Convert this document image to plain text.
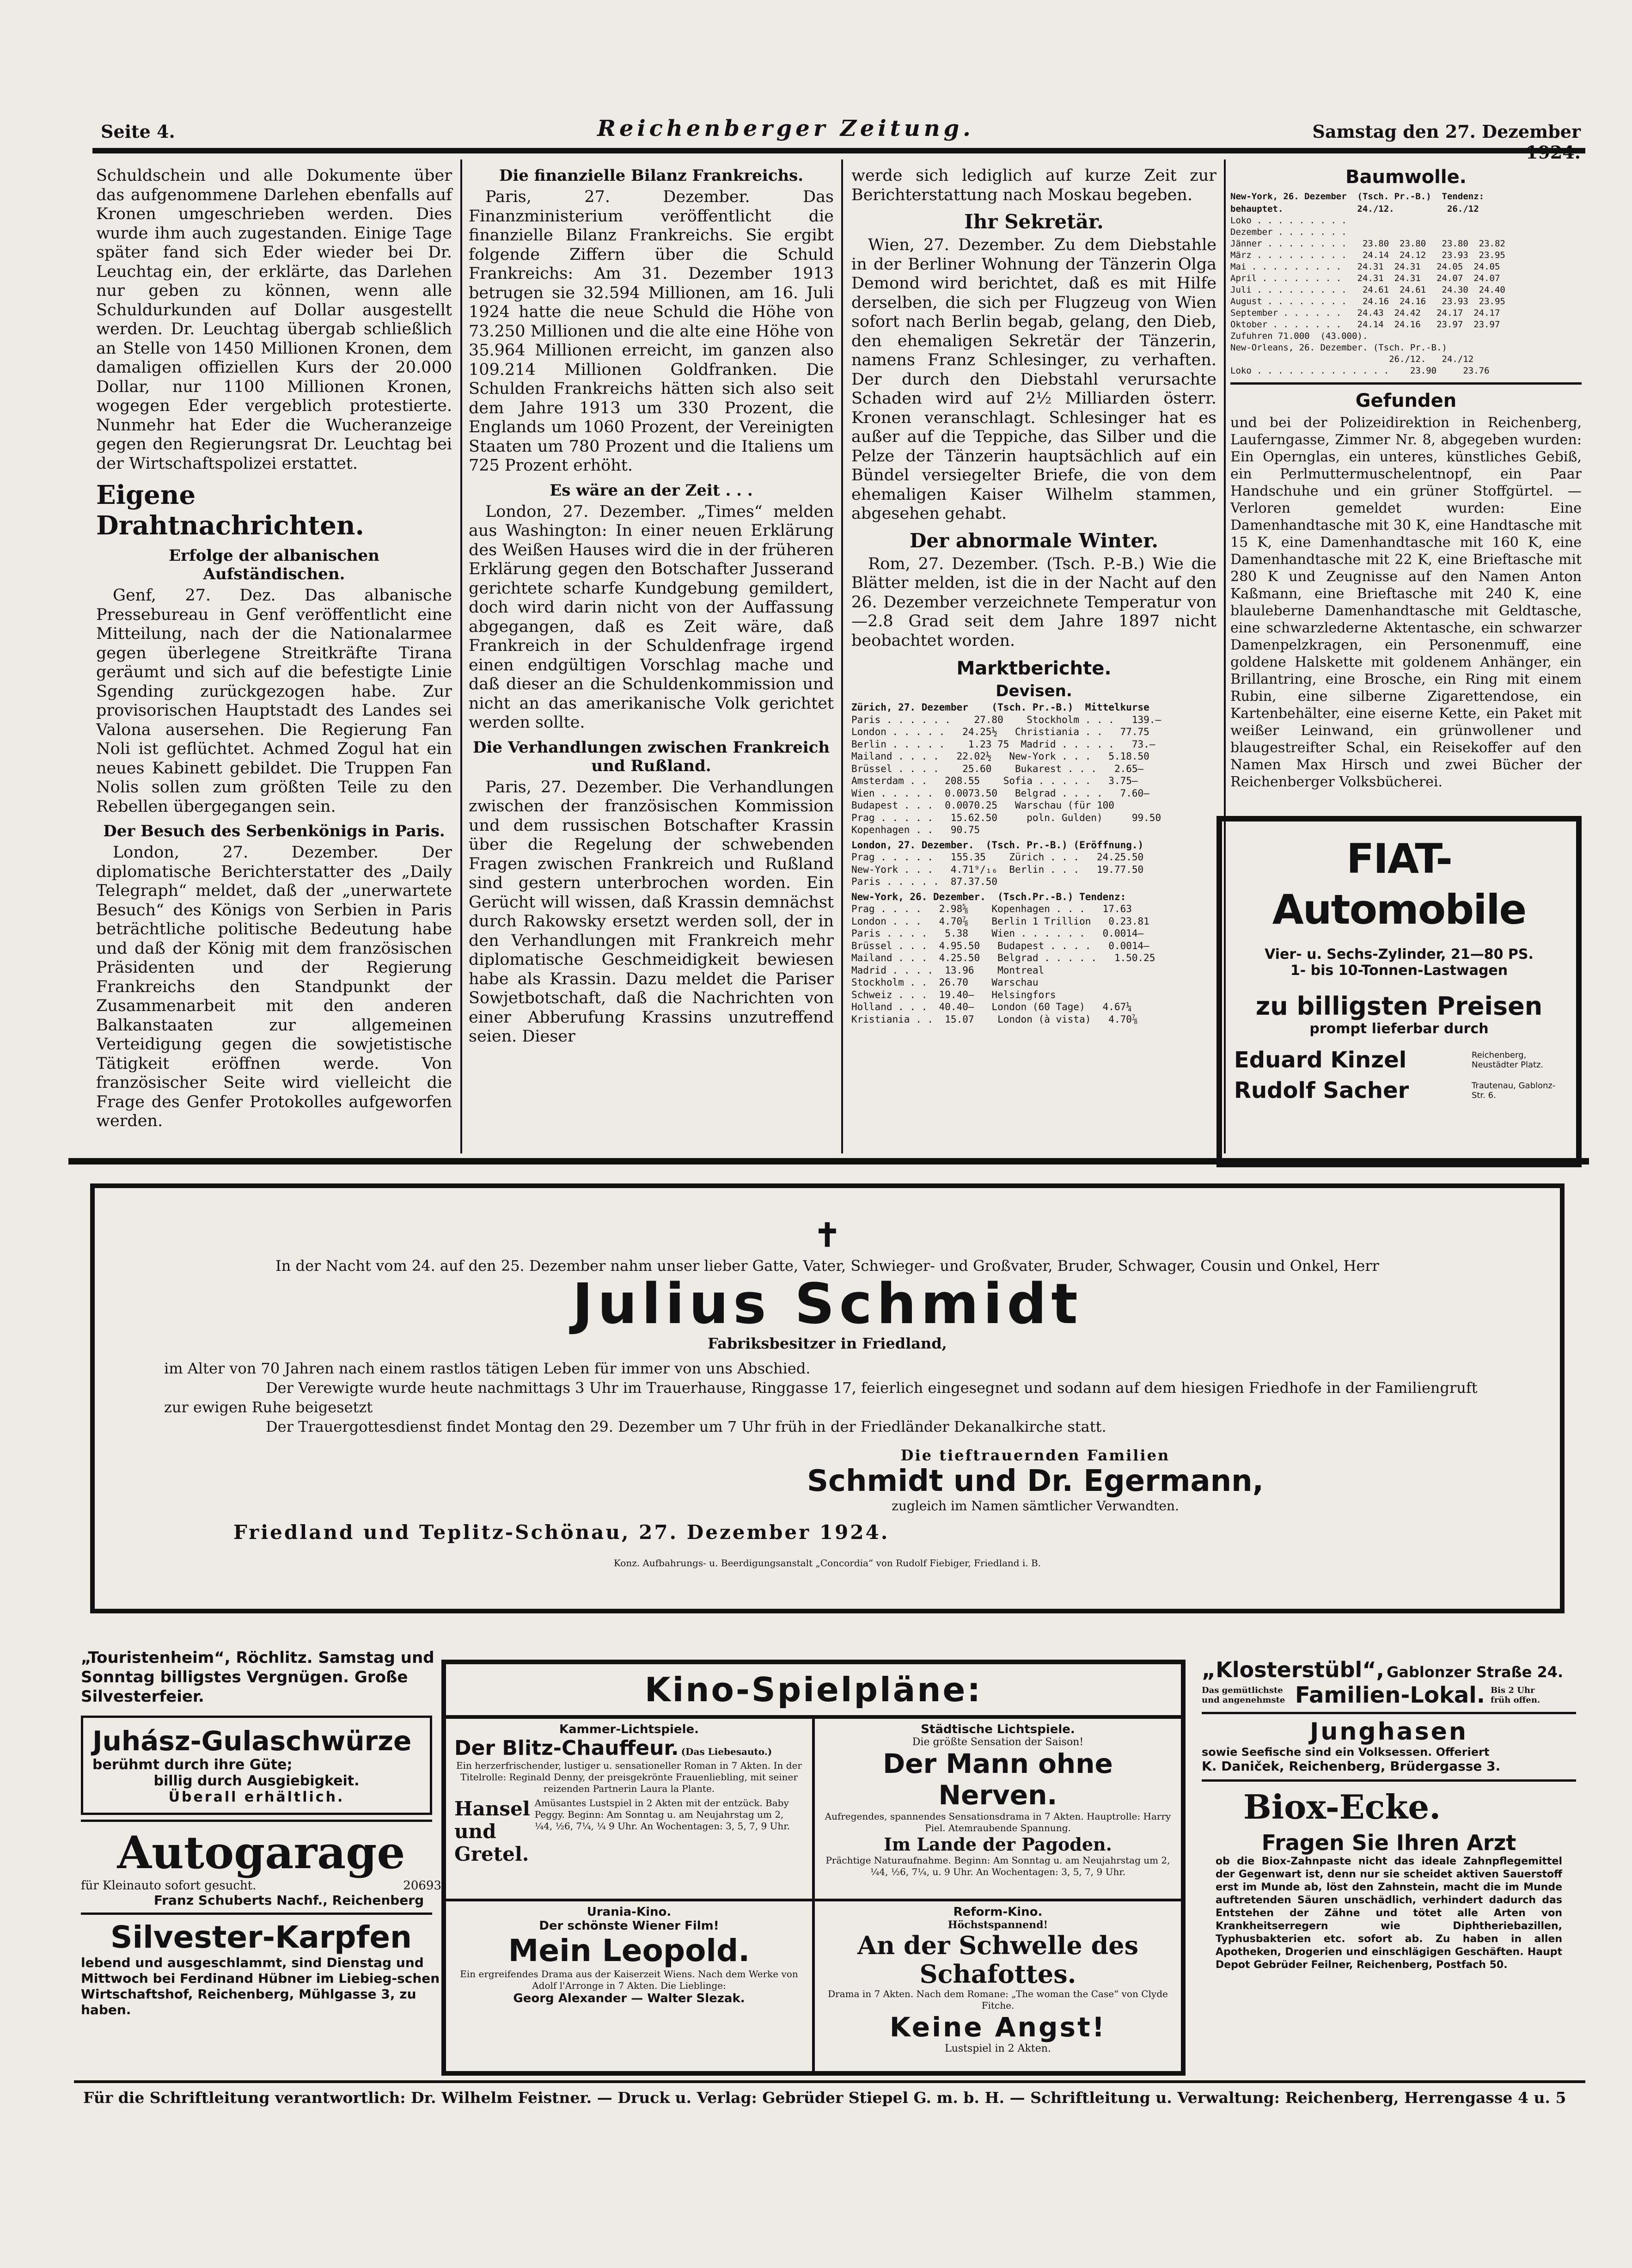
Seite 4.	Reichenberger Zeitung.	Samstag den 27. Dezember
Schuldschein und alle Dokumente über das aufgenommene Darlehen ebenfalls auf Kronen umgeschrieben werden. Dies wurde ihm auch zugestanden. Einige Tage später fand sich Eder wieder bei Dr. Leuchtag ein, der erklärte, das Darlehen nur geben zu können, wenn alle Schuldurkunden auf Dollar ausgestellt werden. Dr. Leuchtag übergab schließlich an Stelle von 1450 Millionen Kronen, dem damaligen offiziellen Kurs der 20.000 Dollar, nur 1100 Millionen Kronen, wogegen Eder vergeblich protestierte. Nunmehr hat Eder die Wucheranzeige gegen den Regierungsrat Dr. Leuchtag bei der Wirtschaftspolizei erstattet.
Eigene Drahtnachrichten.
Erfolge der albanischen Aufständischen.

Genf, 27. Dez. Das albanische Pressebureau in Genf veröffentlicht eine Mitteilung, nach der die Nationalarmee gegen überlegene Streitkräfte Tirana geräumt und sich auf die befestigte Linie Sgending zurückgezogen habe. Zur provisorischen Hauptstadt des Landes sei Valona ausersehen. Die Regierung Fan Noli ist geflüchtet. Achmed Zogul hat ein neues Kabinett gebildet. Die Truppen Fan Nolis sollen zum größten Teile zu den Rebellen übergegangen sein.

Der Besuch des Serbenkönigs in Paris.

London, 27. Dezember. Der diplomatische Berichterstatter des „Daily Telegraph“ meldet, daß der „unerwartete Besuch“ des Königs von Serbien in Paris beträchtliche politische Bedeutung habe und daß der König mit dem französischen Präsidenten und der Regierung Frankreichs den Standpunkt der Zusammenarbeit mit den anderen Balkanstaaten zur allgemeinen Verteidigung gegen die sowjetistische Tätigkeit eröffnen werde. Von französischer Seite wird vielleicht die Frage des Genfer Protokolles aufgeworfen werden.

Die finanzielle Bilanz Frankreichs.

Paris, 27. Dezember. Das Finanzministerium veröffentlicht die finanzielle Bilanz Frankreichs. Sie ergibt folgende Ziffern über die Schuld Frankreichs: Am 31. Dezember 1913 betrugen sie 32.594 Millionen, am 16. Juli 1924 hatte die neue Schuld die Höhe von 73.250 Millionen und die alte eine Höhe von 35.964 Millionen erreicht, im ganzen also 109.214 Millionen Goldfranken. Die Schulden Frankreichs hätten sich also seit dem Jahre 1913 um 330 Prozent, die Englands um 1060 Prozent, der Vereinigten Staaten um 780 Prozent und die Italiens um 725 Prozent erhöht.

Es wäre an der Zeit . . .

London, 27. Dezember. „Times“ melden aus Washington: In einer neuen Erklärung des Weißen Hauses wird die in der früheren Erklärung gegen den Botschafter Jusserand gerichtete scharfe Kundgebung gemildert, doch wird darin nicht von der Auffassung abgegangen, daß es Zeit wäre, daß Frankreich in der Schuldenfrage irgend einen endgültigen Vorschlag mache und daß dieser an die Schuldenkommission und nicht an das amerikanische Volk gerichtet werden sollte.

Die Verhandlungen zwischen Frankreich und Rußland.

Paris, 27. Dezember. Die Verhandlungen zwischen der französischen Kommission und dem russischen Botschafter Krassin über die Regelung der schwebenden Fragen zwischen Frankreich und Rußland sind gestern unterbrochen worden. Ein Gerücht will wissen, daß Krassin demnächst durch Rakowsky ersetzt werden soll, der in den Verhandlungen mit Frankreich mehr diplomatische Geschmeidigkeit bewiesen habe als Krassin. Dazu meldet die Pariser Sowjetbotschaft, daß die Nachrichten von einer Abberufung Krassins unzutreffend seien. Dieser

werde sich lediglich auf kurze Zeit zur Berichterstattung nach Moskau begeben.
Ihr Sekretär.

Wien, 27. Dezember. Zu dem Diebstahle in der Berliner Wohnung der Tänzerin Olga Demond wird berichtet, daß es mit Hilfe derselben, die sich per Flugzeug von Wien sofort nach Berlin begab, gelang, den Dieb, den ehemaligen Sekretär der Tänzerin, namens Franz Schlesinger, zu verhaften. Der durch den Diebstahl verursachte Schaden wird auf 2½ Milliarden österr. Kronen veranschlagt. Schlesinger hat es außer auf die Teppiche, das Silber und die Pelze der Tänzerin hauptsächlich auf ein Bündel versiegelter Briefe, die von dem ehemaligen Kaiser Wilhelm stammen, abgesehen gehabt.

Der abnormale Winter.

Rom, 27. Dezember. (Tsch. P.-B.) Wie die Blätter melden, ist die in der Nacht auf den 26. Dezember verzeichnete Temperatur von —2.8 Grad seit dem Jahre 1897 nicht beobachtet worden.

Marktberichte.
Devisen.
Zürich, 27. Dezember    (Tsch. Pr.-B.)  Mittelkurse
Paris . . . . . .    27.80    Stockholm . . .   139.—
London . . . . .   24.25½   Christiania . .   77.75
Berlin . . . . .    1.23 75  Madrid . . . . .   73.—
Mailand . . . .   22.02½   New-York . . .   5.18.50
Brüssel . . . .    25.60    Bukarest . . .   2.65—
Amsterdam . .   208.55    Sofia . . . . .   3.75—
Wien . . . . .  0.0073.50   Belgrad . . . .   7.60—
Budapest . . .  0.0070.25   Warschau (für 100
Prag . . . . .   15.62.50     poln. Gulden)     99.50
Kopenhagen . .   90.75
London, 27. Dezember.  (Tsch. Pr.-B.) (Eröffnung.)
Prag . . . . .   155.35    Zürich . . .   24.25.50
New-York . . .   4.71⁹/₁₆  Berlin . . .   19.77.50
Paris . . . . .  87.37.50
New-York, 26. Dezember.  (Tsch.Pr.-B.) Tendenz:
Prag . . . .   2.98⅝    Kopenhagen . . .   17.63
London . . .   4.70⅞    Berlin 1 Trillion   0.23.81
Paris . . . .   5.38    Wien . . . . . .   0.0014—
Brüssel . . .  4.95.50   Budapest . . . .   0.0014—
Mailand . . .  4.25.50   Belgrad . . . . .   1.50.25
Madrid . . . .  13.96    Montreal
Stockholm . .  26.70    Warschau
Schweiz . . .  19.40—   Helsingfors
Holland . . .  40.40—   London (60 Tage)   4.67¼
Kristiania . .  15.07    London (à vista)   4.70⅞
Baumwolle.
New-York, 26. Dezember  (Tsch. Pr.-B.)  Tendenz:
behauptet.              24./12.          26./12
Loko . . . . . . . . .
Dezember . . . . . . .
Jänner . . . . . . . .   23.80  23.80   23.80  23.82
März . . . . . . . . .   24.14  24.12   23.93  23.95
Mai . . . . . . . . .   24.31  24.31   24.05  24.05
April . . . . . . . .   24.31  24.31   24.07  24.07
Juli . . . . . . . . .   24.61  24.61   24.30  24.40
August . . . . . . . .   24.16  24.16   23.93  23.95
September . . . . . .   24.43  24.42   24.17  24.17
Oktober . . . . . . .   24.14  24.16   23.97  23.97
Zufuhren 71.000  (43.000).
New-Orleans, 26. Dezember. (Tsch. Pr.-B.)
26./12.   24./12
Loko . . . . . . . . . . . . .    23.90     23.76
Gefunden
und bei der Polizeidirektion in Reichenberg, Lauferngasse, Zimmer Nr. 8, abgegeben wurden: Ein Opernglas, ein unteres, künstliches Gebiß, ein Perlmuttermuschelentnopf, ein Paar Handschuhe und ein grüner Stoffgürtel. — Verloren gemeldet wurden: Eine Damenhandtasche mit 30 K, eine Handtasche mit 15 K, eine Damenhandtasche mit 160 K, eine Damenhandtasche mit 22 K, eine Brieftasche mit 280 K und Zeugnisse auf den Namen Anton Kaßmann, eine Brieftasche mit 240 K, eine blauleberne Damenhandtasche mit Geldtasche, eine schwarzlederne Aktentasche, ein schwarzer Damenpelzkragen, ein Personenmuff, eine goldene Halskette mit goldenem Anhänger, ein Brillantring, eine Brosche, ein Ring mit einem Rubin, eine silberne Zigarettendose, ein Kartenbehälter, eine eiserne Kette, ein Paket mit weißer Leinwand, ein grünwollener und blaugestreifter Schal, ein Reisekoffer auf den Namen Max Hirsch und zwei Bücher der Reichenberger Volksbücherei.
FIAT-Automobile
Vier- u. Sechs-Zylinder, 21—80 PS.
1- bis 10-Tonnen-Lastwagen
zu billigsten Preisen
prompt lieferbar durch
Eduard Kinzel	Reichenberg, Neustädter Platz.
Rudolf Sacher	Trautenau, Gablonz-Str. 6.
✝
In der Nacht vom 24. auf den 25. Dezember nahm unser lieber Gatte, Vater, Schwieger- und Großvater, Bruder, Schwager, Cousin und Onkel, Herr
Julius Schmidt
Fabriksbesitzer in Friedland,
im Alter von 70 Jahren nach einem rastlos tätigen Leben für immer von uns Abschied.
Der Verewigte wurde heute nachmittags 3 Uhr im Trauerhause, Ringgasse 17, feierlich eingesegnet und sodann auf dem hiesigen Friedhofe in der Familiengruft zur ewigen Ruhe beigesetzt
Der Trauergottesdienst findet Montag den 29. Dezember um 7 Uhr früh in der Friedländer Dekanalkirche statt.
Die tieftrauernden Familien
Schmidt und Dr. Egermann,
zugleich im Namen sämtlicher Verwandten.
Friedland und Teplitz-Schönau, 27. Dezember 1924.
Konz. Aufbahrungs- u. Beerdigungsanstalt „Concordia“ von Rudolf Fiebiger, Friedland i. B.
„Touristenheim“, Röchlitz. Samstag und Sonntag billigstes Vergnügen. Große Silvesterfeier.
Juhász-Gulaschwürze
berühmt durch ihre Güte;
billig durch Ausgiebigkeit.
Überall erhältlich.
Autogarage
für Kleinauto sofort gesucht.	20693
Franz Schuberts Nachf., Reichenberg
Silvester-Karpfen
lebend und ausgeschlammt, sind Dienstag und Mittwoch bei Ferdinand Hübner im Liebieg-schen Wirtschaftshof, Reichenberg, Mühlgasse 3, zu haben.
Kino-Spielpläne:
Kammer-Lichtspiele.
Der Blitz-Chauffeur. (Das Liebesauto.)
Ein herzerfrischender, lustiger u. sensationeller Roman in 7 Akten. In der Titelrolle: Reginald Denny, der preisgekrönte Frauenliebling, mit seiner reizenden Partnerin Laura la Plante.
Hansel und Gretel.
Amüsantes Lustspiel in 2 Akten mit der entzück. Baby Peggy. Beginn: Am Sonntag u. am Neujahrstag um 2, ¼4, ½6, 7¼, ¼ 9 Uhr. An Wochentagen: 3, 5, 7, 9 Uhr.
Urania-Kino.
Der schönste Wiener Film!
Mein Leopold.
Ein ergreifendes Drama aus der Kaiserzeit Wiens. Nach dem Werke von Adolf l'Arronge in 7 Akten. Die Lieblinge:
Georg Alexander — Walter Slezak.
Städtische Lichtspiele.
Die größte Sensation der Saison!
Der Mann ohne Nerven.
Aufregendes, spannendes Sensationsdrama in 7 Akten. Hauptrolle: Harry Piel. Atemraubende Spannung.
Im Lande der Pagoden.
Prächtige Naturaufnahme. Beginn: Am Sonntag u. am Neujahrstag um 2, ¼4, ½6, 7¼, u. 9 Uhr. An Wochentagen: 3, 5, 7, 9 Uhr.
Reform-Kino.
Höchstspannend!
An der Schwelle des Schafottes.
Drama in 7 Akten. Nach dem Romane: „The woman the Case“ von Clyde Fitche.
Keine Angst!
Lustspiel in 2 Akten.
„Klosterstübl“, Gablonzer Straße 24.
Das gemütlichste und angenehmste Familien-Lokal. Bis 2 Uhr früh offen.
Junghasen
sowie Seefische sind ein Volksessen. Offeriert
K. Daniček, Reichenberg, Brüdergasse 3.
Biox-Ecke.
Fragen Sie Ihren Arzt
ob die Biox-Zahnpaste nicht das ideale Zahnpflegemittel der Gegenwart ist, denn nur sie scheidet aktiven Sauerstoff erst im Munde ab, löst den Zahnstein, macht die im Munde auftretenden Säuren unschädlich, verhindert dadurch das Entstehen der Zähne und tötet alle Arten von Krankheitserregern wie Diphtheriebazillen, Typhusbakterien etc. sofort ab. Zu haben in allen Apotheken, Drogerien und einschlägigen Geschäften. Haupt Depot Gebrüder Feilner, Reichenberg, Postfach 50.
Für die Schriftleitung verantwortlich: Dr. Wilhelm Feistner. — Druck u. Verlag: Gebrüder Stiepel G. m. b. H. — Schriftleitung u. Verwaltung: Reichenberg, Herrengasse 4 u. 5
